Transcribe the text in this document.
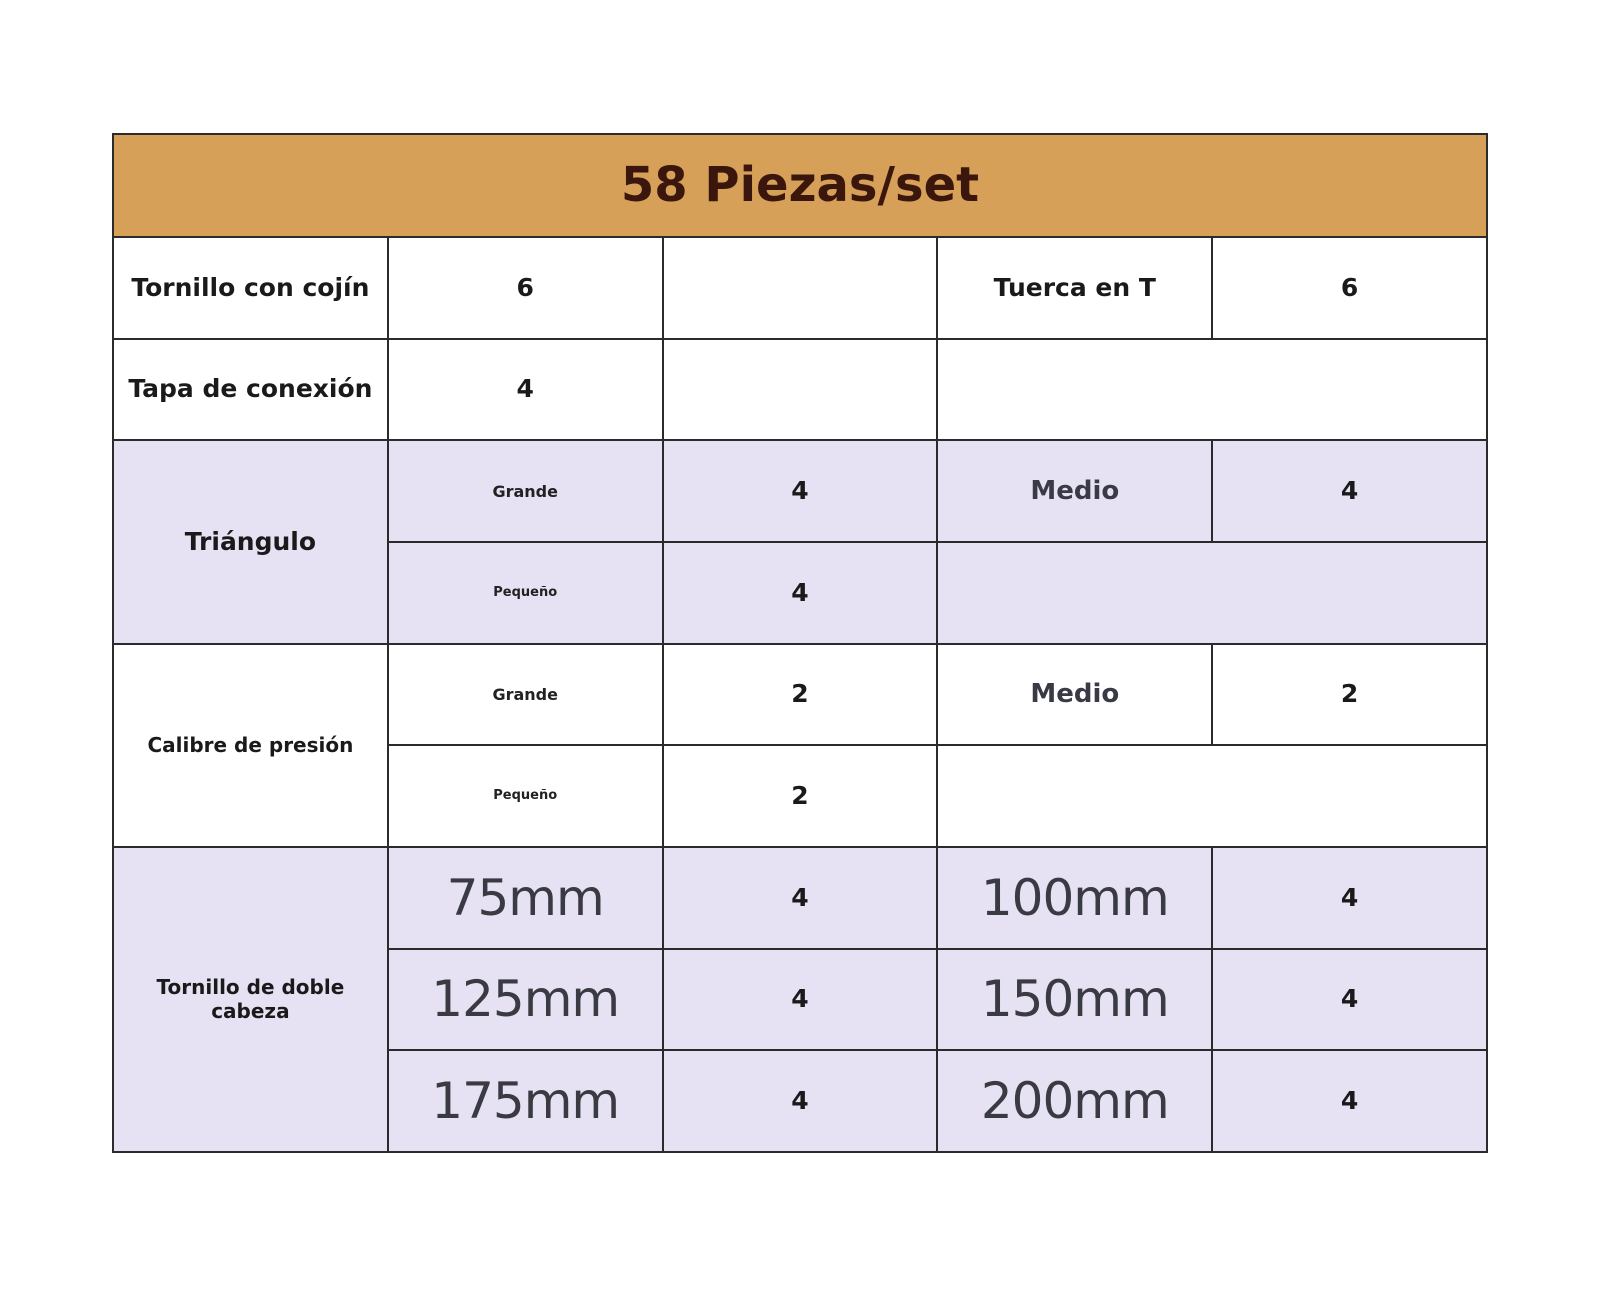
58 Piezas/set
Tornillo con cojín	6	Tuerca en T	6
Tapa de conexión	4
Triángulo
Grande	4	Medio	4
Pequeño	4
Calibre de presión
Grande	2	Medio	2
Pequeño	2
Tornillo de doble cabeza
75mm	4	100mm	4
125mm	4	150mm	4
175mm	4	200mm	4
